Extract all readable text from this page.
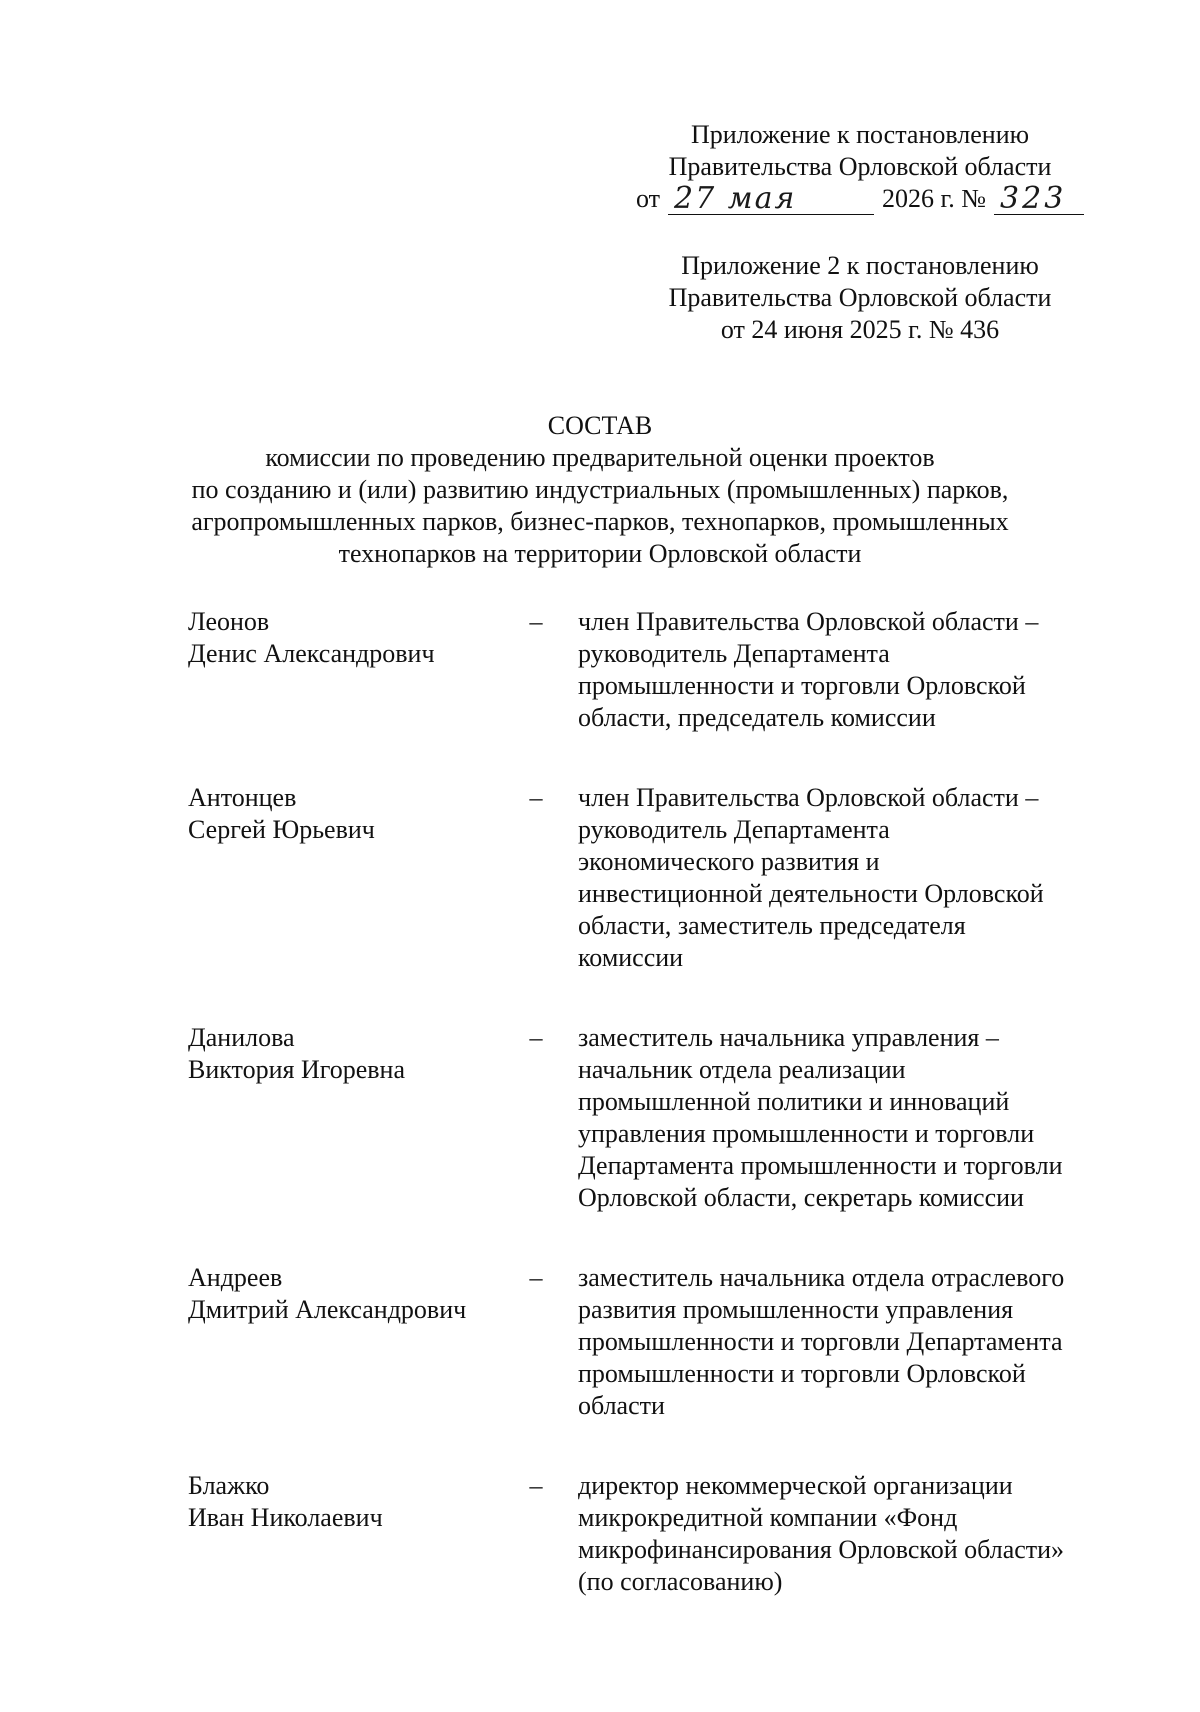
Приложение к постановлению
Правительства Орловской области
от 27 мая	2026 г. № 323
Приложение 2 к постановлению
Правительства Орловской области
от 24 июня 2025 г. № 436
СОСТАВ
комиссии по проведению предварительной оценки проектов
по созданию и (или) развитию индустриальных (промышленных) парков,
агропромышленных парков, бизнес-парков, технопарков, промышленных
технопарков на территории Орловской области
Леонов
Денис Александрович
– член Правительства Орловской области –
руководитель Департамента
промышленности и торговли Орловской
области, председатель комиссии
Антонцев
Сергей Юрьевич
– член Правительства Орловской области –
руководитель Департамента
экономического развития и
инвестиционной деятельности Орловской
области, заместитель председателя
комиссии
Данилова
Виктория Игоревна
– заместитель начальника управления –
начальник отдела реализации
промышленной политики и инноваций
управления промышленности и торговли
Департамента промышленности и торговли
Орловской области, секретарь комиссии
Андреев
Дмитрий Александрович
– заместитель начальника отдела отраслевого
развития промышленности управления
промышленности и торговли Департамента
промышленности и торговли Орловской
области
Блажко
Иван Николаевич
– директор некоммерческой организации
микрокредитной компании «Фонд
микрофинансирования Орловской области»
(по согласованию)
